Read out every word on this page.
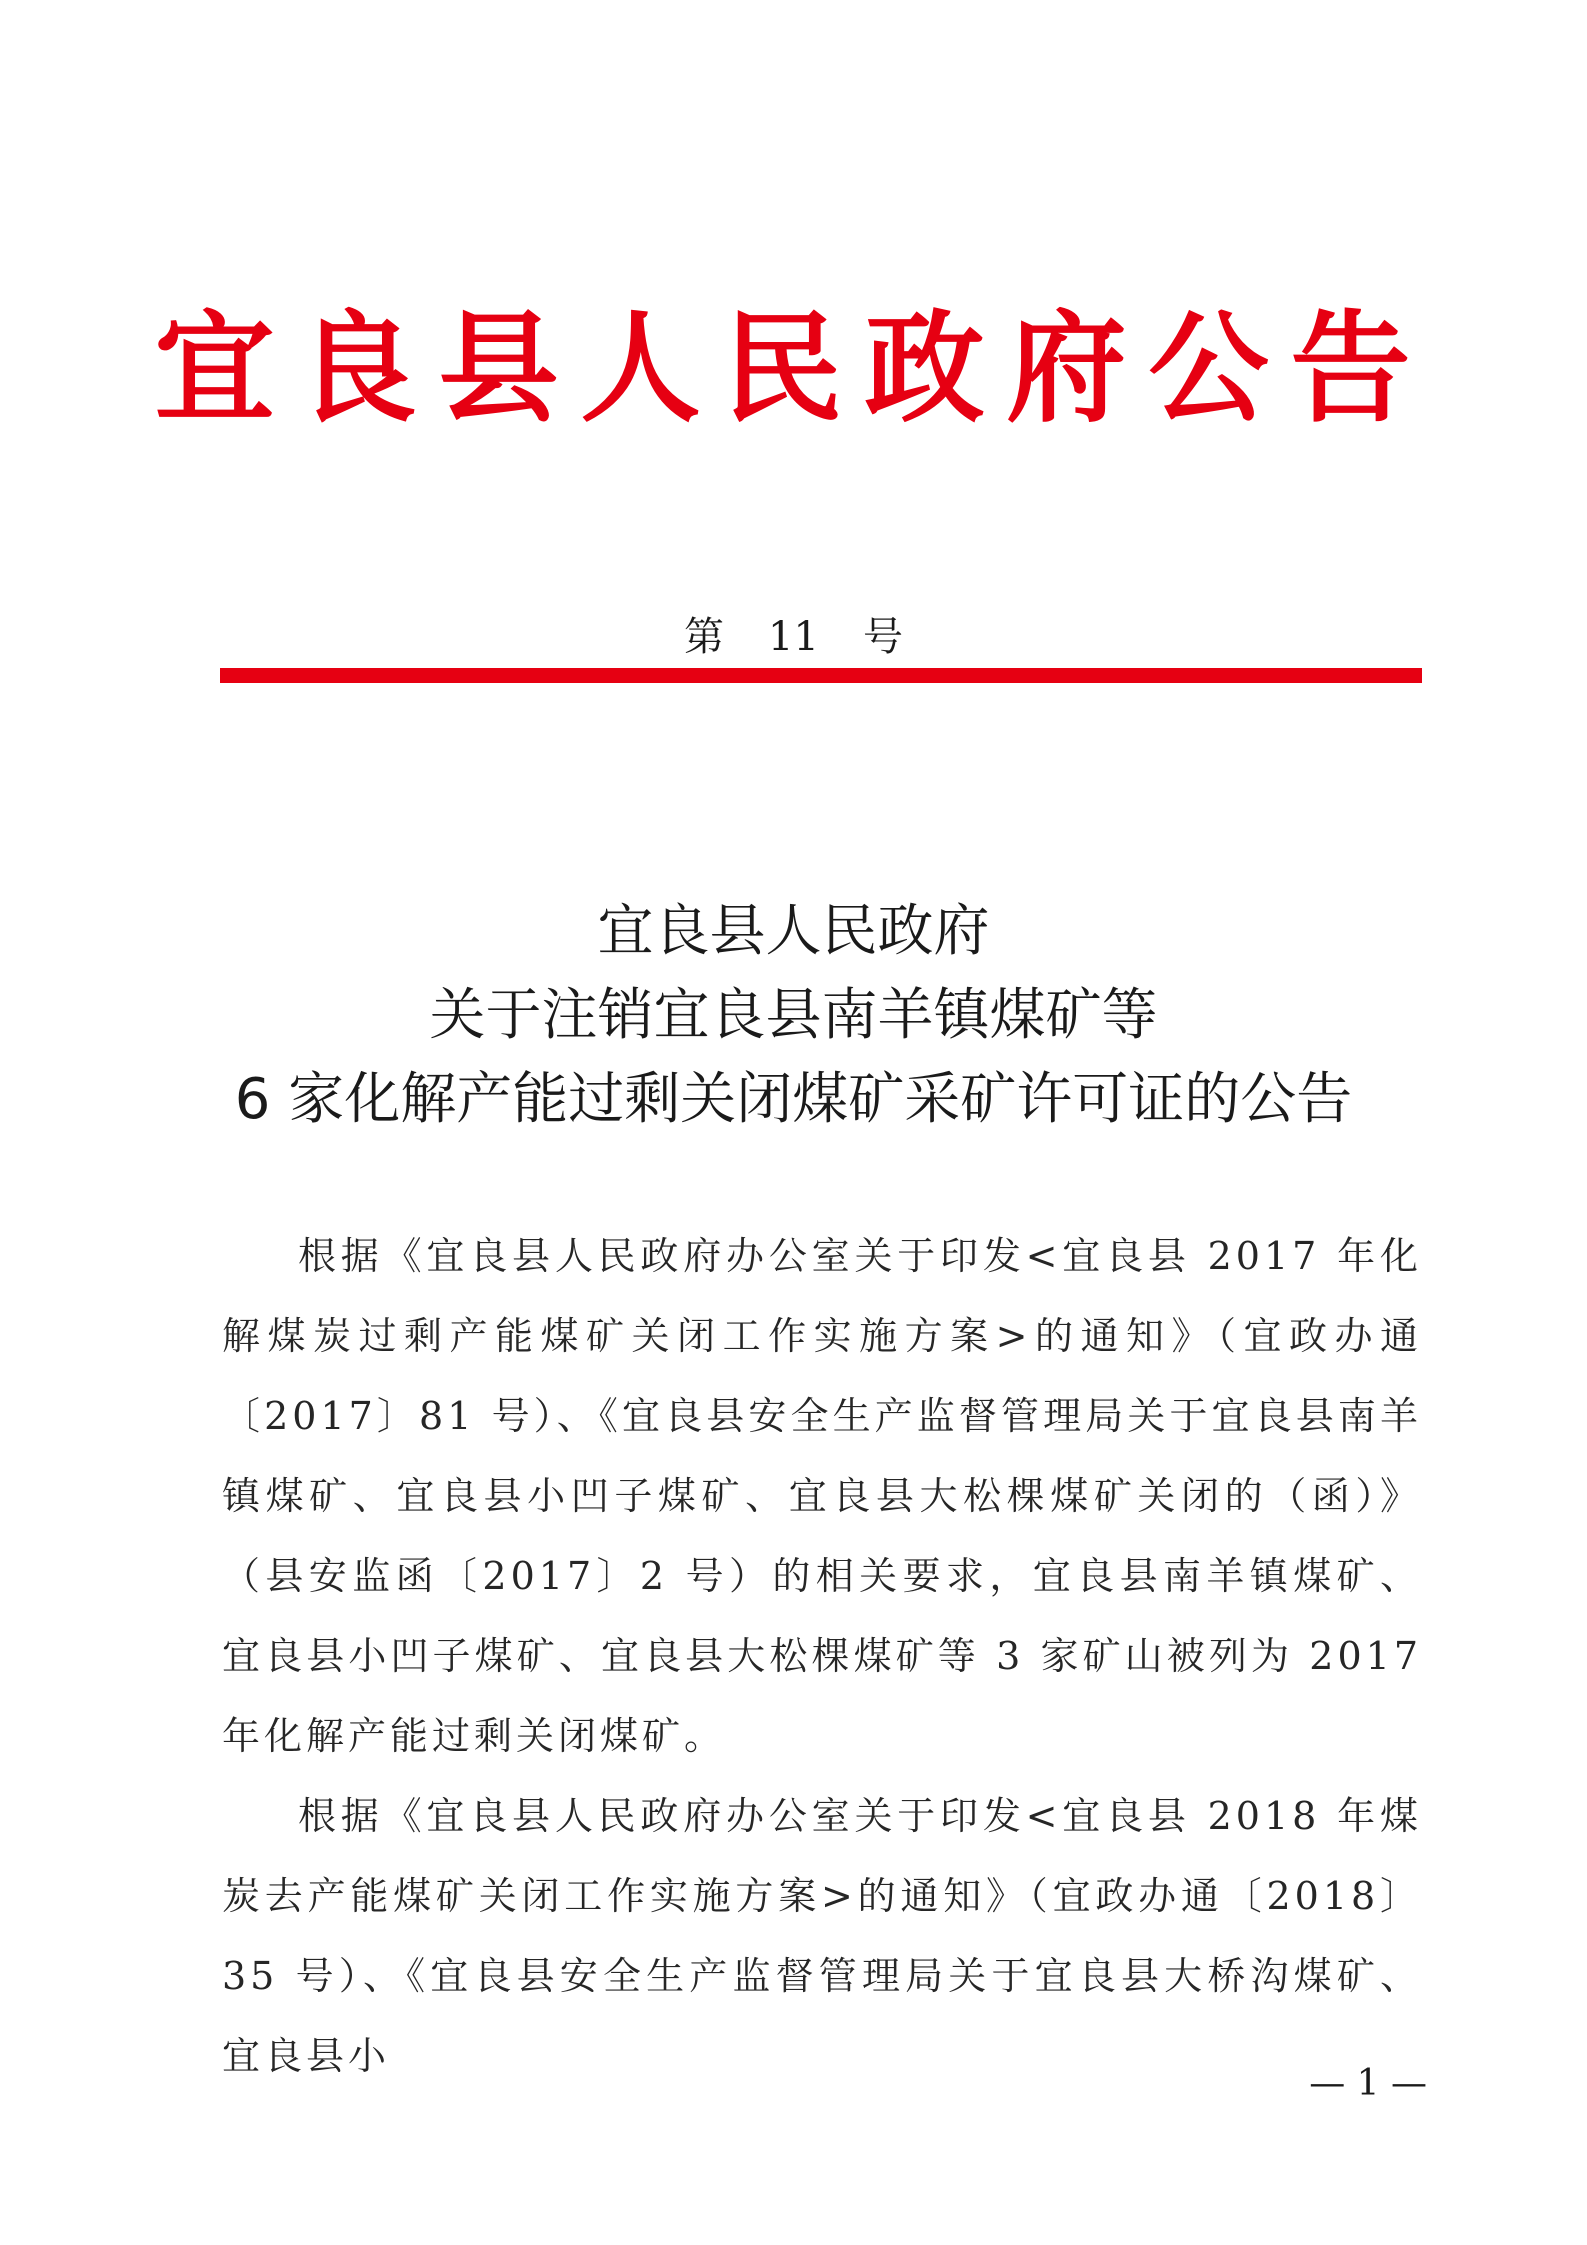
宜良县人民政府公告
第 11 号
宜良县人民政府
关于注销宜良县南羊镇煤矿等
6 家化解产能过剩关闭煤矿采矿许可证的公告

根据《宜良县人民政府办公室关于印发<宜良县 2017 年化解煤炭过剩产能煤矿关闭工作实施方案>的通知》（宜政办通〔2017〕81 号）、《宜良县安全生产监督管理局关于宜良县南羊镇煤矿、宜良县小凹子煤矿、宜良县大松棵煤矿关闭的（函）》（县安监函〔2017〕2 号）的相关要求，宜良县南羊镇煤矿、宜良县小凹子煤矿、宜良县大松棵煤矿等 3 家矿山被列为 2017 年化解产能过剩关闭煤矿。

根据《宜良县人民政府办公室关于印发<宜良县 2018 年煤炭去产能煤矿关闭工作实施方案>的通知》（宜政办通〔2018〕35 号）、《宜良县安全生产监督管理局关于宜良县大桥沟煤矿、宜良县小

— 1 —
